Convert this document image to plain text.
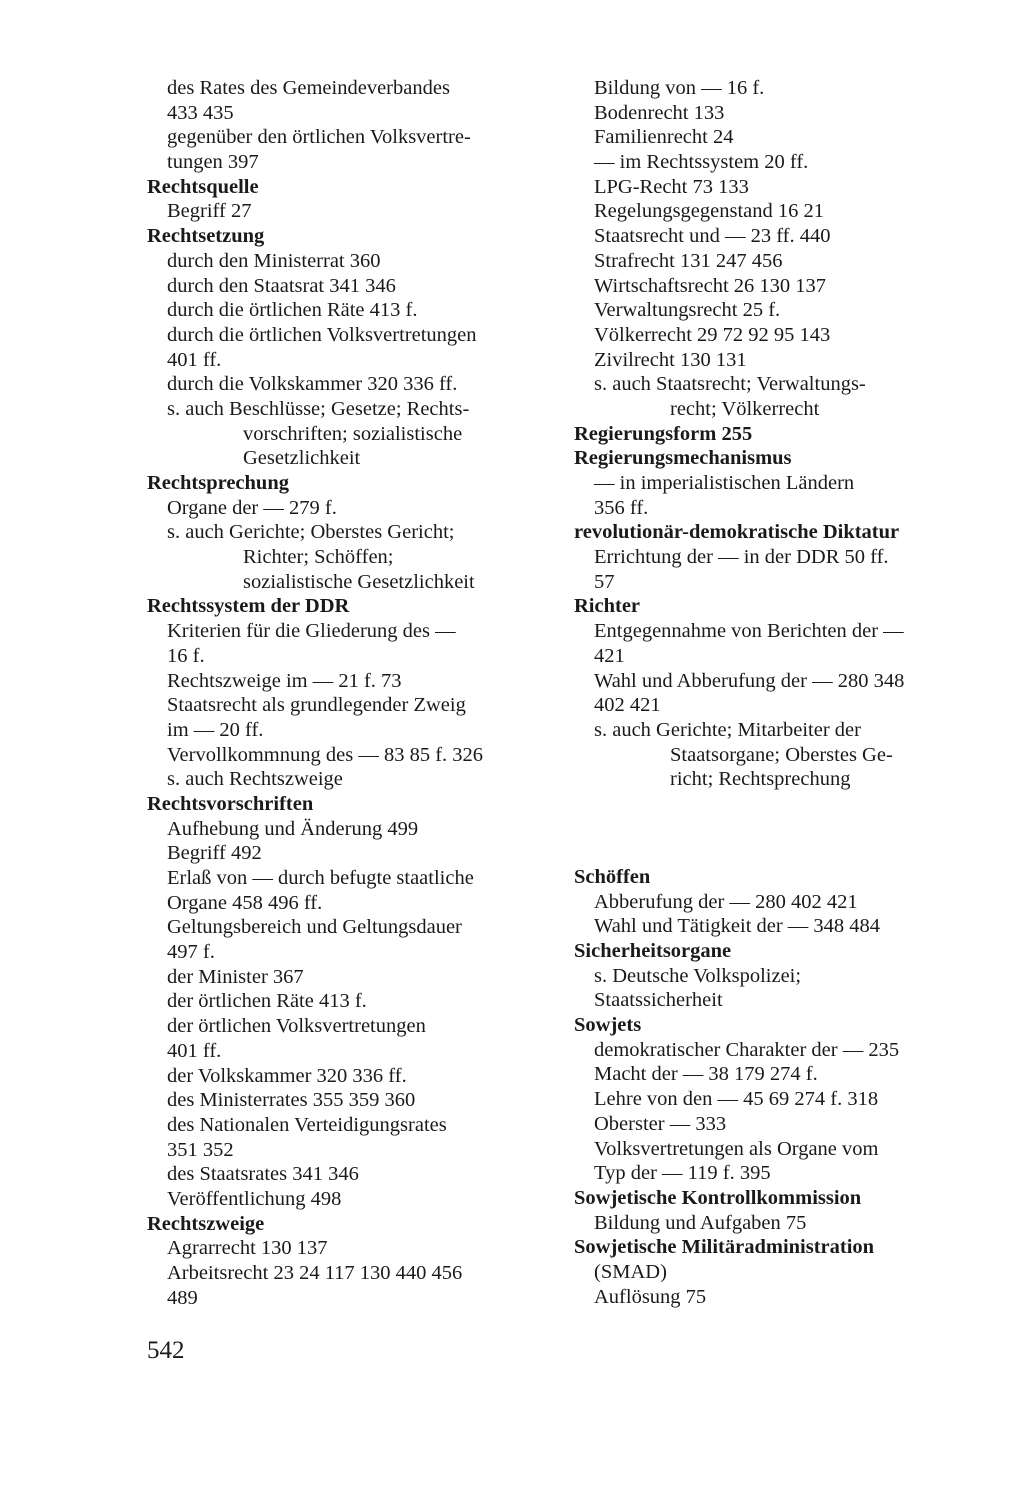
des Rates des Gemeindeverbandes
433 435
gegenüber den örtlichen Volksvertre-
tungen 397
Rechtsquelle
Begriff 27
Rechtsetzung
durch den Ministerrat 360
durch den Staatsrat 341 346
durch die örtlichen Räte 413 f.
durch die örtlichen Volksvertretungen
401 ff.
durch die Volkskammer 320 336 ff.
s. auch Beschlüsse; Gesetze; Rechts-
vorschriften; sozialistische
Gesetzlichkeit
Rechtsprechung
Organe der — 279 f.
s. auch Gerichte; Oberstes Gericht;
Richter; Schöffen;
sozialistische Gesetzlichkeit
Rechtssystem der DDR
Kriterien für die Gliederung des —
16 f.
Rechtszweige im — 21 f. 73
Staatsrecht als grundlegender Zweig
im — 20 ff.
Vervollkommnung des — 83 85 f. 326
s. auch Rechtszweige
Rechtsvorschriften
Aufhebung und Änderung 499
Begriff 492
Erlaß von — durch befugte staatliche
Organe 458 496 ff.
Geltungsbereich und Geltungsdauer
497 f.
der Minister 367
der örtlichen Räte 413 f.
der örtlichen Volksvertretungen
401 ff.
der Volkskammer 320 336 ff.
des Ministerrates 355 359 360
des Nationalen Verteidigungsrates
351 352
des Staatsrates 341 346
Veröffentlichung 498
Rechtszweige
Agrarrecht 130 137
Arbeitsrecht 23 24 117 130 440 456
489
Bildung von — 16 f.
Bodenrecht 133
Familienrecht 24
— im Rechtssystem 20 ff.
LPG-Recht 73 133
Regelungsgegenstand 16 21
Staatsrecht und — 23 ff. 440
Strafrecht 131 247 456
Wirtschaftsrecht 26 130 137
Verwaltungsrecht 25 f.
Völkerrecht 29 72 92 95 143
Zivilrecht 130 131
s. auch Staatsrecht; Verwaltungs-
recht; Völkerrecht
Regierungsform 255
Regierungsmechanismus
— in imperialistischen Ländern
356 ff.
revolutionär-demokratische Diktatur
Errichtung der — in der DDR 50 ff.
57
Richter
Entgegennahme von Berichten der —
421
Wahl und Abberufung der — 280 348
402 421
s. auch Gerichte; Mitarbeiter der
Staatsorgane; Oberstes Ge-
richt; Rechtsprechung
Schöffen
Abberufung der — 280 402 421
Wahl und Tätigkeit der — 348 484
Sicherheitsorgane
s. Deutsche Volkspolizei;
Staatssicherheit
Sowjets
demokratischer Charakter der — 235
Macht der — 38 179 274 f.
Lehre von den — 45 69 274 f. 318
Oberster — 333
Volksvertretungen als Organe vom
Typ der — 119 f. 395
Sowjetische Kontrollkommission
Bildung und Aufgaben 75
Sowjetische Militäradministration
(SMAD)
Auflösung 75
542
